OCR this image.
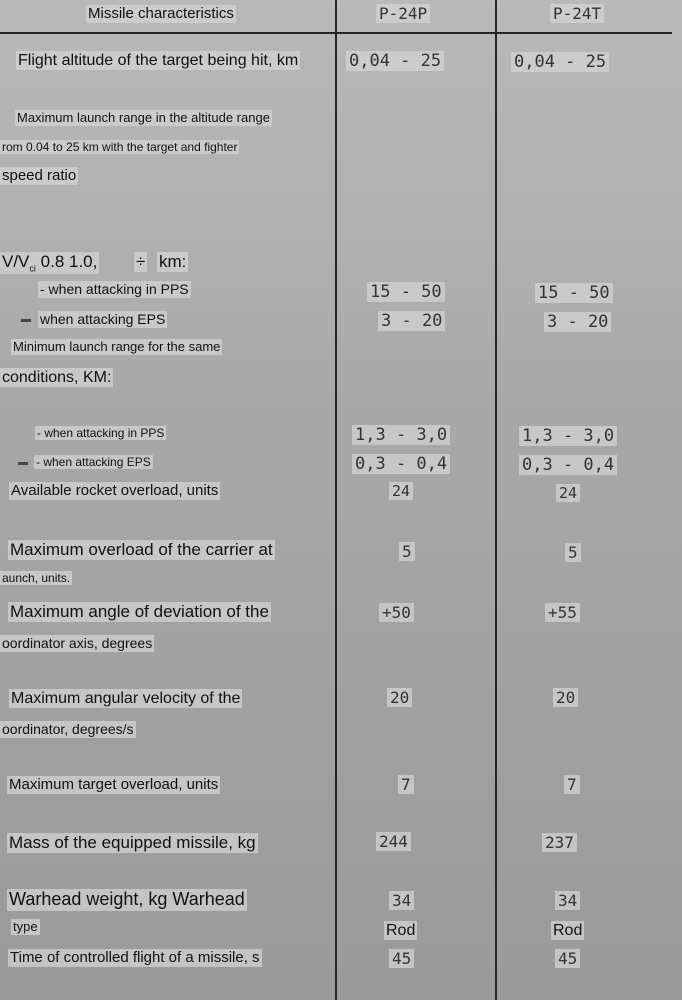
Missile characteristics	P-24P	P-24T
Flight altitude of the target being hit, km	0,04 - 25	0,04 - 25
Maximum launch range in the altitude range
rom 0.04 to 25 km with the target and fighter
speed ratio
$V/V_{ci}$ 0.8 1.0, ÷ km:
- when attacking in PPS	15 - 50	15 - 50
when attacking EPS	3 - 20	3 - 20
Minimum launch range for the same
conditions, KM:
- when attacking in PPS	1,3 - 3,0	1,3 - 3,0
- when attacking EPS	0,3 - 0,4	0,3 - 0,4
Available rocket overload, units	24	24
Maximum overload of the carrier at
aunch, units.
5	5
Maximum angle of deviation of the
oordinator axis, degrees
+50	+55
Maximum angular velocity of the
oordinator, degrees/s
20	20
Maximum target overload, units	7	7
Mass of the equipped missile, kg	244	237
Warhead weight, kg Warhead	34	34
type	Rod	Rod
Time of controlled flight of a missile, s	45	45
